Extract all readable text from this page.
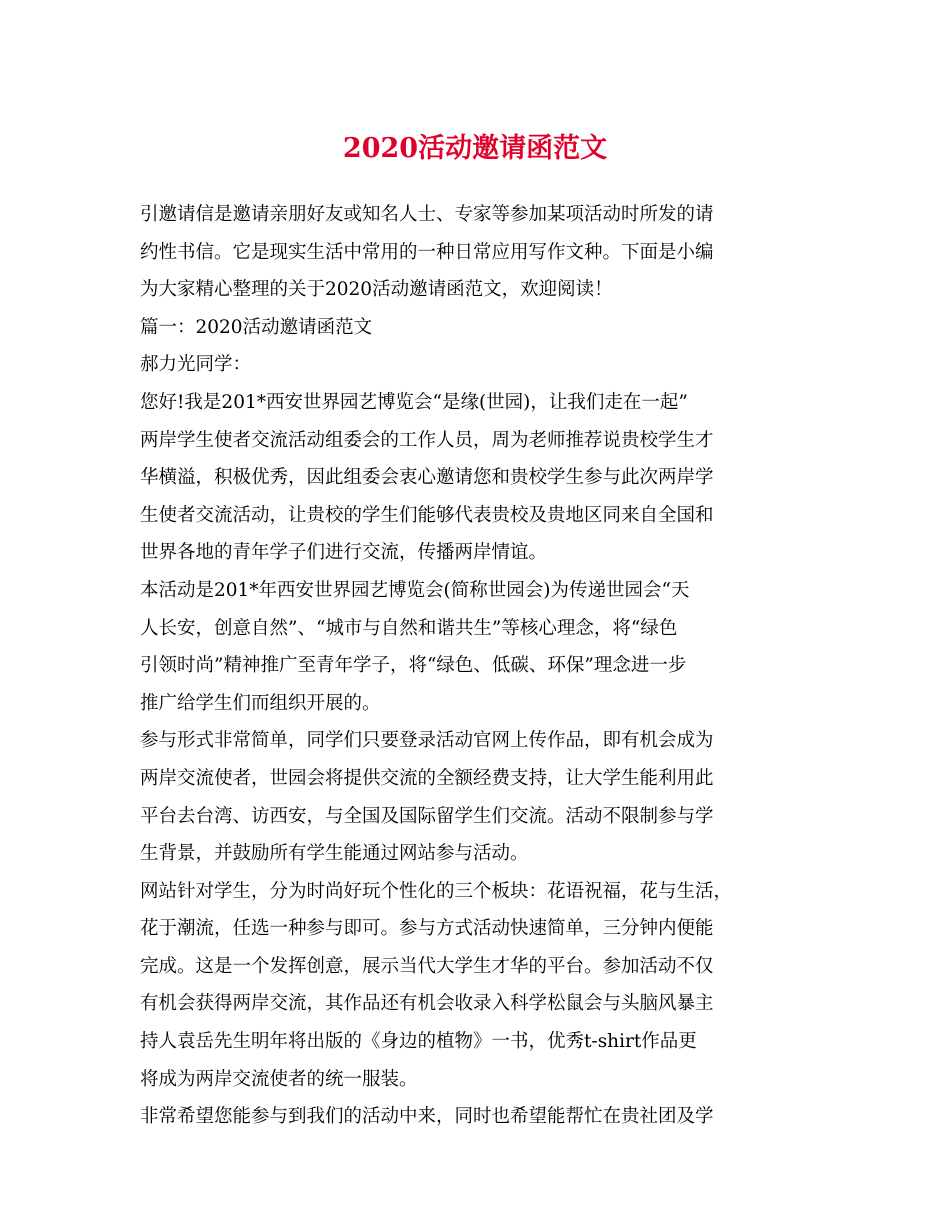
2020活动邀请函范文
引邀请信是邀请亲朋好友或知名人士、专家等参加某项活动时所发的请
约性书信。它是现实生活中常用的一种日常应用写作文种。下面是小编
为大家精心整理的关于2020活动邀请函范文，欢迎阅读！
篇一：2020活动邀请函范文
郝力光同学：
您好!我是201*西安世界园艺博览会“是缘(世园)，让我们走在一起”
两岸学生使者交流活动组委会的工作人员，周为老师推荐说贵校学生才
华横溢，积极优秀，因此组委会衷心邀请您和贵校学生参与此次两岸学
生使者交流活动，让贵校的学生们能够代表贵校及贵地区同来自全国和
世界各地的青年学子们进行交流，传播两岸情谊。
本活动是201*年西安世界园艺博览会(简称世园会)为传递世园会“天
人长安，创意自然”、“城市与自然和谐共生”等核心理念，将“绿色
引领时尚”精神推广至青年学子，将“绿色、低碳、环保”理念进一步
推广给学生们而组织开展的。
参与形式非常简单，同学们只要登录活动官网上传作品，即有机会成为
两岸交流使者，世园会将提供交流的全额经费支持，让大学生能利用此
平台去台湾、访西安，与全国及国际留学生们交流。活动不限制参与学
生背景，并鼓励所有学生能通过网站参与活动。
网站针对学生，分为时尚好玩个性化的三个板块：花语祝福，花与生活，
花于潮流，任选一种参与即可。参与方式活动快速简单，三分钟内便能
完成。这是一个发挥创意，展示当代大学生才华的平台。参加活动不仅
有机会获得两岸交流，其作品还有机会收录入科学松鼠会与头脑风暴主
持人袁岳先生明年将出版的《身边的植物》一书，优秀t-shirt作品更
将成为两岸交流使者的统一服装。
非常希望您能参与到我们的活动中来，同时也希望能帮忙在贵社团及学
